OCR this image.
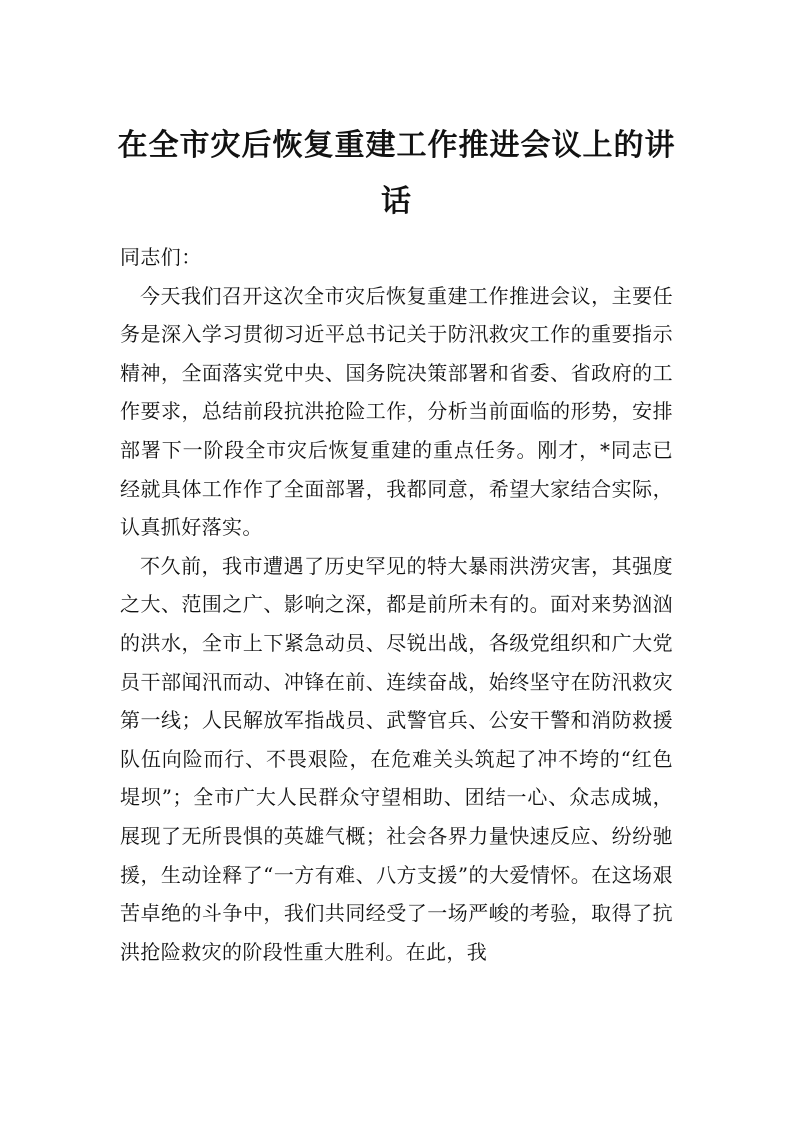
在全市灾后恢复重建工作推进会议上的讲话

同志们：

今天我们召开这次全市灾后恢复重建工作推进会议，主要任务是深入学习贯彻习近平总书记关于防汛救灾工作的重要指示精神，全面落实党中央、国务院决策部署和省委、省政府的工作要求，总结前段抗洪抢险工作，分析当前面临的形势，安排部署下一阶段全市灾后恢复重建的重点任务。刚才，*同志已经就具体工作作了全面部署，我都同意，希望大家结合实际，认真抓好落实。

不久前，我市遭遇了历史罕见的特大暴雨洪涝灾害，其强度之大、范围之广、影响之深，都是前所未有的。面对来势汹汹的洪水，全市上下紧急动员、尽锐出战，各级党组织和广大党员干部闻汛而动、冲锋在前、连续奋战，始终坚守在防汛救灾第一线；人民解放军指战员、武警官兵、公安干警和消防救援队伍向险而行、不畏艰险，在危难关头筑起了冲不垮的“红色堤坝”；全市广大人民群众守望相助、团结一心、众志成城，展现了无所畏惧的英雄气概；社会各界力量快速反应、纷纷驰援，生动诠释了“一方有难、八方支援”的大爱情怀。在这场艰苦卓绝的斗争中，我们共同经受了一场严峻的考验，取得了抗洪抢险救灾的阶段性重大胜利。在此，我
